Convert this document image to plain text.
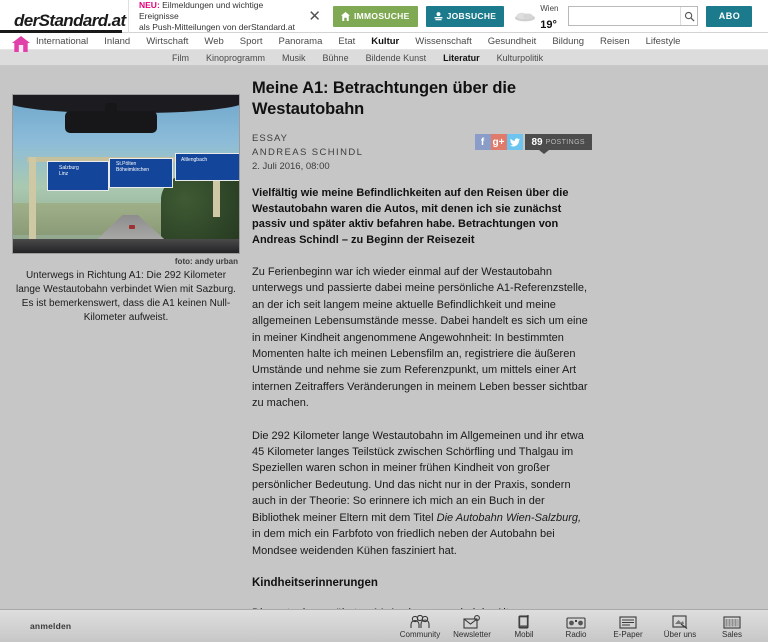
derStandard.at
NEU: Eilmeldungen und wichtige Ereignisse
als Push-Mitteilungen von derStandard.at
✕	IMMOSUCHE	JOBSUCHE
Wien
19°
ABO
International Inland Wirtschaft Web Sport Panorama Etat Kultur Wissenschaft Gesundheit Bildung Reisen Lifestyle
Film Kinoprogramm Musik Bühne Bildende Kunst Literatur Kulturpolitik
Salzburg
Linz
St.Pölten
Böheimkirchen
Altlengbach
foto: andy urban
Unterwegs in Richtung A1: Die 292 Kilometer lange Westautobahn verbindet Wien mit Sazburg. Es ist bemerkenswert, dass die A1 keinen Null-Kilometer aufweist.
Meine A1: Betrachtungen über die Westautobahn
ESSAY
ANDREAS SCHINDL
2. Juli 2016, 08:00
f g+	89 POSTINGS

Vielfältig wie meine Befindlichkeiten auf den Reisen über die Westautobahn waren die Autos, mit denen ich sie zunächst passiv und später aktiv befahren habe. Betrachtungen von Andreas Schindl – zu Beginn der Reisezeit

Zu Ferienbeginn war ich wieder einmal auf der Westautobahn unterwegs und passierte dabei meine persönliche A1-Referenzstelle, an der ich seit langem meine aktuelle Befindlichkeit und meine allgemeinen Lebensumstände messe. Dabei handelt es sich um eine in meiner Kindheit angenommene Angewohnheit: In bestimmten Momenten halte ich meinen Lebensfilm an, registriere die äußeren Umstände und nehme sie zum Referenzpunkt, um mittels einer Art internen Zeitraffers Veränderungen in meinem Leben besser sichtbar zu machen.

Die 292 Kilometer lange Westautobahn im Allgemeinen und ihr etwa 45 Kilometer langes Teilstück zwischen Schörfling und Thalgau im Speziellen waren schon in meiner frühen Kindheit von großer persönlicher Bedeutung. Und das nicht nur in der Praxis, sondern auch in der Theorie: So erinnere ich mich an ein Buch in der Bibliothek meiner Eltern mit dem Titel Die Autobahn Wien-Salzburg, in dem mich ein Farbfoto von friedlich neben der Autobahn bei Mondsee weidenden Kühen fasziniert hat.

Kindheitserinnerungen

anmelden
Community Newsletter	Mobil	Radio	E-Paper	Über uns	Sales
